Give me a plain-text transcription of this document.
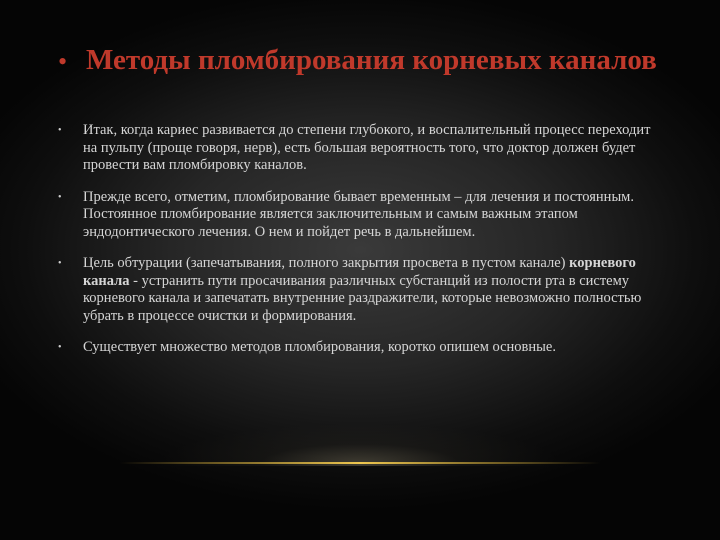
• Методы пломбирования корневых каналов
• Итак, когда кариес развивается до степени глубокого, и воспалительный процесс переходит на пульпу (проще говоря, нерв), есть большая вероятность того, что доктор должен будет провести вам пломбировку каналов.
• Прежде всего, отметим, пломбирование бывает временным – для лечения и постоянным. Постоянное пломбирование является заключительным и самым важным этапом эндодонтического лечения. О нем и пойдет речь в дальнейшем.
• Цель обтурации (запечатывания, полного закрытия просвета в пустом канале) корневого канала - устранить пути просачивания различных субстанций из полости рта в систему корневого канала и запечатать внутренние раздражители, которые невозможно полностью убрать в процессе очистки и формирования.
• Существует множество методов пломбирования, коротко опишем основные.
